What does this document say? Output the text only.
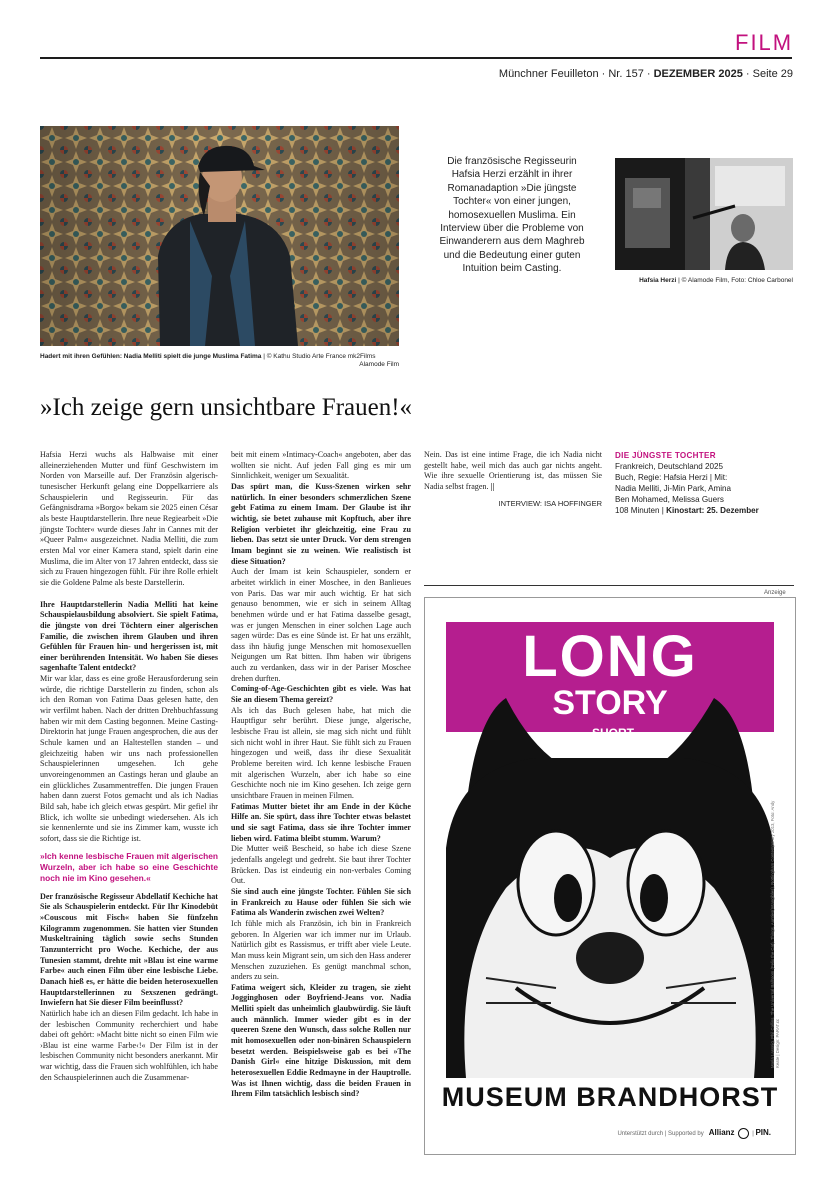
FILM
Münchner Feuilleton · Nr. 157 · DEZEMBER 2025 · Seite 29
Hadert mit ihren Gefühlen: Nadia Melliti spielt die junge Muslima Fatima | © Kathu Studio Arte France mk2Films

Alamode Film
Die französische Regisseurin Hafsia Herzi erzählt in ihrer Romanadaption »Die jüngste Tochter« von einer jungen, homosexuellen Muslima. Ein Interview über die Probleme von Einwanderern aus dem Maghreb und die Bedeutung einer guten Intuition beim Casting.
Hafsia Herzi | © Alamode Film, Foto: Chloe Carbonel
»Ich zeige gern unsichtbare Frauen!«

Hafsia Herzi wuchs als Halbwaise mit einer alleinerziehenden Mutter und fünf Geschwistern im Norden von Marseille auf. Der Französin algerisch-tunesischer Herkunft gelang eine Doppelkarriere als Schauspielerin und Regisseurin. Für das Gefängnisdrama »Borgo« bekam sie 2025 einen César als beste Hauptdarstellerin. Ihre neue Regiearbeit »Die jüngste Tochter« wurde dieses Jahr in Cannes mit der »Queer Palm« ausgezeichnet. Nadia Melliti, die zum ersten Mal vor einer Kamera stand, spielt darin eine Muslima, die im Alter von 17 Jahren entdeckt, dass sie sich zu Frauen hingezogen fühlt. Für ihre Rolle erhielt sie die Goldene Palme als beste Darstellerin.

Ihre Hauptdarstellerin Nadia Melliti hat keine Schauspielausbildung absolviert. Sie spielt Fatima, die jüngste von drei Töchtern einer algerischen Familie, die zwischen ihrem Glauben und ihren Gefühlen für Frauen hin- und hergerissen ist, mit einer berührenden Intensität. Wo haben Sie dieses sagenhafte Talent entdeckt?

Mir war klar, dass es eine große Herausforderung sein würde, die richtige Darstellerin zu finden, schon als ich den Roman von Fatima Daas gelesen hatte, den wir verfilmt haben. Nach der dritten Drehbuchfassung haben wir mit dem Casting begonnen. Meine Casting-Direktorin hat junge Frauen angesprochen, die aus der Schule kamen und an Haltestellen standen – und gleichzeitig haben wir uns nach professionellen Schauspielerinnen umgesehen. Ich gehe unvoreingenommen an Castings heran und glaube an ein glückliches Zusammentreffen. Die jungen Frauen haben dann zuerst Fotos gemacht und als ich Nadias Bild sah, habe ich gleich etwas gespürt. Mir gefiel ihr Blick, ich wollte sie unbedingt wiedersehen. Als ich sie kennenlernte und sie ins Zimmer kam, wusste ich sofort, dass sie die Richtige ist.

»Ich kenne lesbische Frauen mit algerischen Wurzeln, aber ich habe so eine Geschichte noch nie im Kino gesehen.«

Der französische Regisseur Abdellatif Kechiche hat Sie als Schauspielerin entdeckt. Für Ihr Kinodebüt »Couscous mit Fisch« haben Sie fünfzehn Kilogramm zugenommen. Sie hatten vier Stunden Muskeltraining täglich sowie sechs Stunden Tanzunterricht pro Woche. Kechiche, der aus Tunesien stammt, drehte mit »Blau ist eine warme Farbe« auch einen Film über eine lesbische Liebe. Danach hieß es, er hätte die beiden heterosexuellen Hauptdarstellerinnen zu Sexszenen gedrängt. Inwiefern hat Sie dieser Film beeinflusst?

Natürlich habe ich an diesen Film gedacht. Ich habe in der lesbischen Community recherchiert und habe dabei oft gehört: »Macht bitte nicht so einen Film wie ›Blau ist eine warme Farbe‹!« Der Film ist in der lesbischen Community nicht besonders anerkannt. Mir war wichtig, dass die Frauen sich wohlfühlen, ich habe den Schauspielerinnen auch die Zusammenar-

beit mit einem »Intimacy-Coach« angeboten, aber das wollten sie nicht. Auf jeden Fall ging es mir um Sinnlichkeit, weniger um Sexualität.

Das spürt man, die Kuss-Szenen wirken sehr natürlich. In einer besonders schmerzlichen Szene gebt Fatima zu einem Imam. Der Glaube ist ihr wichtig, sie betet zuhause mit Kopftuch, aber ihre Religion verbietet ihr gleichzeitig, eine Frau zu lieben. Das setzt sie unter Druck. Vor dem strengen Imam beginnt sie zu weinen. Wie realistisch ist diese Situation?

Auch der Imam ist kein Schauspieler, sondern er arbeitet wirklich in einer Moschee, in den Banlieues von Paris. Das war mir auch wichtig. Er hat sich genauso benommen, wie er sich in seinem Alltag benehmen würde und er hat Fatima dasselbe gesagt, was er jungen Menschen in einer solchen Lage auch sagen würde: Das es eine Sünde ist. Er hat uns erzählt, dass ihn häufig junge Menschen mit homosexuellen Neigungen um Rat bitten. Ihm haben wir übrigens auch zu verdanken, dass wir in der Pariser Moschee drehen durften.

Coming-of-Age-Geschichten gibt es viele. Was hat Sie an diesem Thema gereizt?

Als ich das Buch gelesen habe, hat mich die Hauptfigur sehr berührt. Diese junge, algerische, lesbische Frau ist allein, sie mag sich nicht und fühlt sich nicht wohl in ihrer Haut. Sie fühlt sich zu Frauen hingezogen und weiß, dass ihr diese Sexualität Probleme bereiten wird. Ich kenne lesbische Frauen mit algerischen Wurzeln, aber ich habe so eine Geschichte noch nie im Kino gesehen. Ich zeige gern unsichtbare Frauen in meinen Filmen.

Fatimas Mutter bietet ihr am Ende in der Küche Hilfe an. Sie spürt, dass ihre Tochter etwas belastet und sie sagt Fatima, dass sie ihre Tochter immer lieben wird. Fatima bleibt stumm. Warum?

Die Mutter weiß Bescheid, so habe ich diese Szene jedenfalls angelegt und gedreht. Sie baut ihrer Tochter Brücken. Das ist eindeutig ein non-verbales Coming Out.

Sie sind auch eine jüngste Tochter. Fühlen Sie sich in Frankreich zu Hause oder fühlen Sie sich wie Fatima als Wanderin zwischen zwei Welten?

Ich fühle mich als Französin, ich bin in Frankreich geboren. In Algerien war ich immer nur im Urlaub. Natürlich gibt es Rassismus, er trifft aber viele Leute. Man muss kein Migrant sein, um sich den Hass anderer Menschen zuzuziehen. Es genügt manchmal schon, anders zu sein.

Fatima weigert sich, Kleider zu tragen, sie zieht Jogginghosen oder Boyfriend-Jeans vor. Nadia Melliti spielt das unheimlich glaubwürdig. Sie läuft auch männlich. Immer wieder gibt es in der queeren Szene den Wunsch, dass solche Rollen nur mit homosexuellen oder non-binären Schauspielern besetzt werden. Beispielsweise gab es bei »The Danish Girl« eine hitzige Diskussion, mit dem heterosexuellen Eddie Redmayne in der Hauptrolle. Was ist Ihnen wichtig, dass die beiden Frauen in Ihrem Film tatsächlich lesbisch sind?

Nein. Das ist eine intime Frage, die ich Nadia nicht gestellt habe, weil mich das auch gar nichts angeht. Wie ihre sexuelle Orientierung ist, das müssen Sie Nadia selbst fragen. ||

INTERVIEW: ISA HOFFINGER

DIE JÜNGSTE TOCHTER
Frankreich, Deutschland 2025
Buch, Regie: Hafsia Herzi | Mit:
Nadia Melliti, Ji-Min Park, Amina
Ben Mohamed, Melissa Guers
108 Minuten | Kinostart: 25. Dezember
Anzeige
LONG
STORY
SHORT
Maria Lassnig, Phil Collins, The Universal Ballroom (Felix the Cat), Things, Aunties(Intangibles), Nottingham Contemporary 2013, Foto: Andy Keate | Design: PARAT.cc
MUSEUM BRANDHORST
Unterstützt durch | Supported by Allianz    | PIN.
